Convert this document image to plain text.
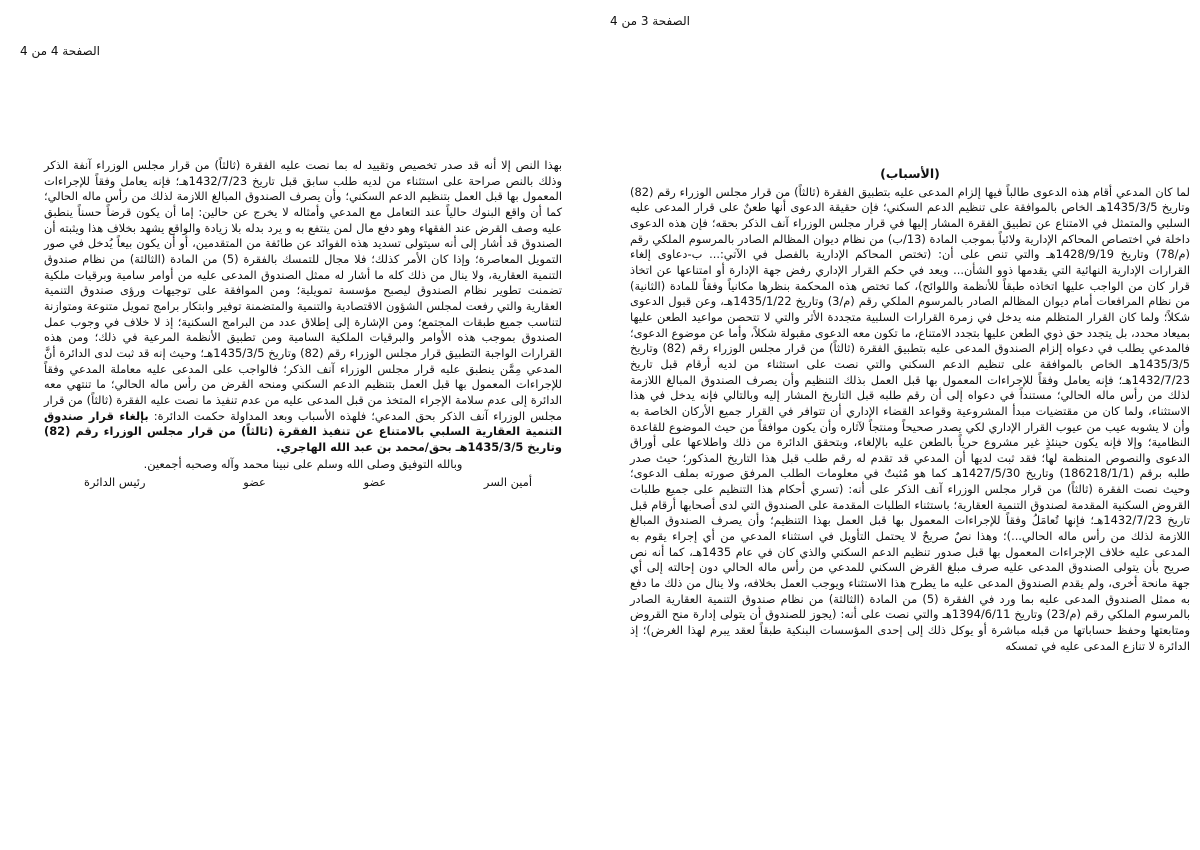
الصفحة 4 من 4

بهذا النص إلا أنه قد صدر تخصيص وتقييد له بما نصت عليه الفقرة (ثالثاً) من قرار مجلس الوزراء آنفة الذكر وذلك بالنص صراحة على استثناء من لديه طلب سابق قبل تاريخ 1432/7/23هـ؛ فإنه يعامل وفقاً للإجراءات المعمول بها قبل العمل بتنظيم الدعم السكني؛ وأن يصرف الصندوق المبالغ اللازمة لذلك من رأس ماله الحالي؛ كما أن واقع البنوك حالياً عند التعامل مع المدعي وأمثاله لا يخرج عن حالين: إما أن يكون قرضاً حسناً ينطبق عليه وصف القرض عند الفقهاء وهو دفع مال لمن ينتفع به و يرد بدله بلا زيادة والواقع يشهد بخلاف هذا ويثبته أن الصندوق قد أشار إلى أنه سيتولى تسديد هذه الفوائد عن طائفة من المتقدمين، أو أن يكون بيعاً يُدخل في صور التمويل المعاصرة؛ وإذا كان الأمر كذلك؛ فلا مجال للتمسك بالفقرة (5) من المادة (الثالثة) من نظام صندوق التنمية العقارية، ولا ينال من ذلك كله ما أشار له ممثل الصندوق المدعى عليه من أوامر سامية وبرقيات ملكية تضمنت تطوير نظام الصندوق ليصبح مؤسسة تمويلية؛ ومن الموافقة على توجيهات ورؤى صندوق التنمية العقارية والتي رفعت لمجلس الشؤون الاقتصادية والتنمية والمتضمنة توفير وابتكار برامج تمويل متنوعة ومتوازنة لتناسب جميع طبقات المجتمع؛ ومن الإشارة إلى إطلاق عدد من البرامج السكنية؛ إذ لا خلاف في وجوب عمل الصندوق بموجب هذه الأوامر والبرقيات الملكية السامية ومن تطبيق الأنظمة المرعية في ذلك؛ ومن هذه القرارات الواجبة التطبيق قرار مجلس الوزراء رقم (82) وتاريخ 1435/3/5هـ؛ وحيث إنه قد ثبت لدى الدائرة أنَّ المدعي مِمَّن ينطبق عليه قرار مجلس الوزراء آنف الذكر؛ فالواجب على المدعى عليه معاملة المدعي وفقاً للإجراءات المعمول بها قبل العمل بتنظيم الدعم السكني ومنحه القرض من رأس ماله الحالي؛ ما تنتهي معه الدائرة إلى عدم سلامة الإجراء المتخذ من قبل المدعى عليه من عدم تنفيذ ما نصت عليه الفقرة (ثالثاً) من قرار مجلس الوزراء آنف الذكر بحق المدعي؛ فلهذه الأسباب وبعد المداولة حكمت الدائرة: بإلغاء قرار صندوق التنمية العقارية السلبي بالامتناع عن تنفيذ الفقرة (ثالثاً) من قرار مجلس الوزراء رقم (82) وتاريخ 1435/3/5هـ بحق/محمد بن عبد الله الهاجري.

وبالله التوفيق وصلى الله وسلم على نبينا محمد وآله وصحبه أجمعين.
أمين السر
عضو
عضو
رئيس الدائرة
الصفحة 3 من 4
(الأسباب)

لما كان المدعي أقام هذه الدعوى طالباً فيها إلزام المدعى عليه بتطبيق الفقرة (ثالثاً) من قرار مجلس الوزراء رقم (82) وتاريخ 1435/3/5هـ الخاص بالموافقة على تنظيم الدعم السكني؛ فإن حقيقة الدعوى أنها طعنٌ على قرار المدعى عليه السلبي والمتمثل في الامتناع عن تطبيق الفقرة المشار إليها في قرار مجلس الوزراء آنف الذكر بحقه؛ فإن هذه الدعوى داخلة في اختصاص المحاكم الإدارية ولائياً بموجب المادة (13/ب) من نظام ديوان المظالم الصادر بالمرسوم الملكي رقم (م/78) وتاريخ 1428/9/19هـ والتي تنص على أن: (تختص المحاكم الإدارية بالفصل في الآتي:... ب-دعاوى إلغاء القرارات الإدارية النهائية التي يقدمها ذوو الشأن... ويعد في حكم القرار الإداري رفض جهة الإدارة أو امتناعها عن اتخاذ قرار كان من الواجب عليها اتخاذه طبقاً للأنظمة واللوائح)، كما تختص هذه المحكمة بنظرها مكانياً وفقاً للمادة (الثانية) من نظام المرافعات أمام ديوان المظالم الصادر بالمرسوم الملكي رقم (م/3) وتاريخ 1435/1/22هـ، وعن قبول الدعوى شكلاً؛ ولما كان القرار المتظلم منه يدخل في زمرة القرارات السلبية متجددة الأثر والتي لا تتحصن مواعيد الطعن عليها بميعاد محدد، بل يتجدد حق ذوي الطعن عليها بتجدد الامتناع، ما تكون معه الدعوى مقبولة شكلاً، وأما عن موضوع الدعوى؛ فالمدعي يطلب في دعواه إلزام الصندوق المدعى عليه بتطبيق الفقرة (ثالثاً) من قرار مجلس الوزراء رقم (82) وتاريخ 1435/3/5هـ الخاص بالموافقة على تنظيم الدعم السكني والتي نصت على استثناء من لديه أرقام قبل تاريخ 1432/7/23هـ؛ فإنه يعامل وفقاً للإجراءات المعمول بها قبل العمل بذلك التنظيم وأن يصرف الصندوق المبالغ اللازمة لذلك من رأس ماله الحالي؛ مستنداً في دعواه إلى أن رقم طلبه قبل التاريخ المشار إليه وبالتالي فإنه يدخل في هذا الاستثناء، ولما كان من مقتضيات مبدأ المشروعية وقواعد القضاء الإداري أن تتوافر في القرار جميع الأركان الخاصة به وأن لا يشوبه عيب من عيوب القرار الإداري لكي يصدر صحيحاً ومنتجاً لآثاره وأن يكون موافقاً من حيث الموضوع للقاعدة النظامية؛ وإلا فإنه يكون حينئذٍ غير مشروع حرياً بالطعن عليه بالإلغاء، وبتحقق الدائرة من ذلك واطلاعها على أوراق الدعوى والنصوص المنظمة لها؛ فقد ثبت لديها أن المدعي قد تقدم له رقم طلب قبل هذا التاريخ المذكور؛ حيث صدر طلبه برقم (186218/1/1) وتاريخ 1427/5/30هـ كما هو مُثبتٌ في معلومات الطلب المرفق صورته بملف الدعوى؛ وحيث نصت الفقرة (ثالثاً) من قرار مجلس الوزراء آنف الذكر على أنه: (تسري أحكام هذا التنظيم على جميع طلبات القروض السكنية المقدمة لصندوق التنمية العقارية؛ باستثناء الطلبات المقدمة على الصندوق التي لدى أصحابها أرقام قبل تاريخ 1432/7/23هـ؛ فإنها تُعامَلُ وفقاً للإجراءات المعمول بها قبل العمل بهذا التنظيم؛ وأن يصرف الصندوق المبالغ اللازمة لذلك من رأس ماله الحالي...)؛ وهذا نصٌ صريحٌ لا يحتمل التأويل في استثناء المدعي من أي إجراء يقوم به المدعى عليه خلاف الإجراءات المعمول بها قبل صدور تنظيم الدعم السكني والذي كان في عام 1435هـ، كما أنه نص صريح بأن يتولى الصندوق المدعى عليه صرف مبلغ القرض السكني للمدعي من رأس ماله الحالي دون إحالته إلى أي جهة مانحة أخرى، ولم يقدم الصندوق المدعى عليه ما يطرح هذا الاستثناء ويوجب العمل بخلافه، ولا ينال من ذلك ما دفع به ممثل الصندوق المدعى عليه بما ورد في الفقرة (5) من المادة (الثالثة) من نظام صندوق التنمية العقارية الصادر بالمرسوم الملكي رقم (م/23) وتاريخ 1394/6/11هـ والتي نصت على أنه: (يجوز للصندوق أن يتولى إدارة منح القروض ومتابعتها وحفظ حساباتها من قبله مباشرة أو يوكل ذلك إلى إحدى المؤسسات البنكية طبقاً لعقد يبرم لهذا الغرض)؛ إذ الدائرة لا تنازع المدعى عليه في تمسكه
